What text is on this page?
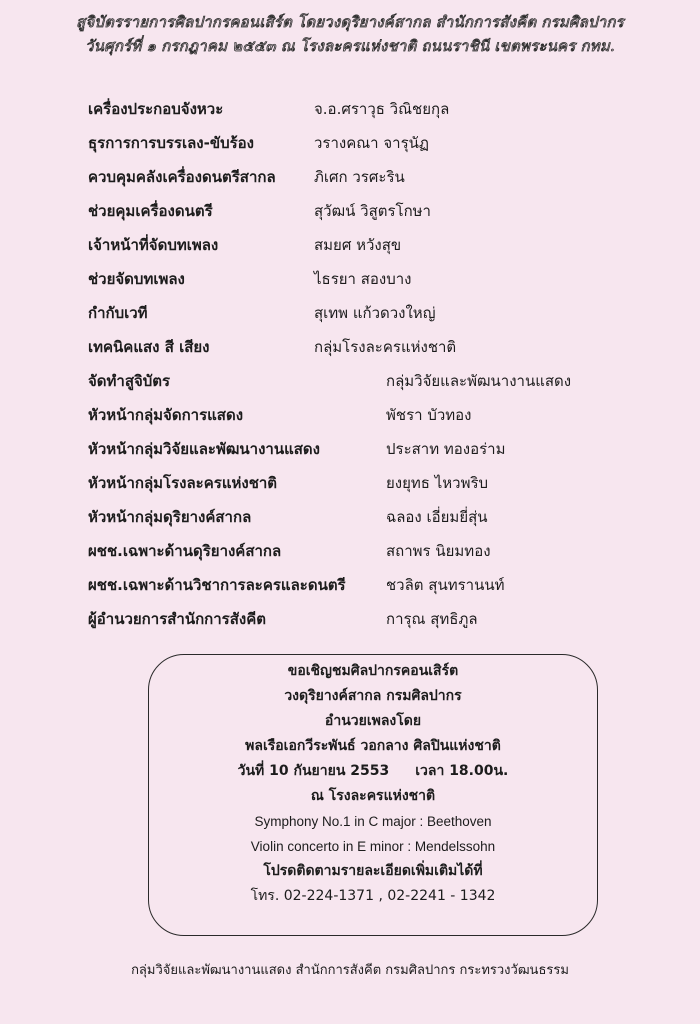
สูจิบัตรรายการศิลปากรคอนเสิร์ต โดยวงดุริยางค์สากล สำนักการสังคีต กรมศิลปากร
วันศุกร์ที่ ๑ กรกฎาคม ๒๕๕๓ ณ โรงละครแห่งชาติ ถนนราชินี เขตพระนคร กทม.
เครื่องประกอบจังหวะ	จ.อ.ศราวุธ วิณิชยกุล
ธุรการการบรรเลง-ขับร้อง	วรางคณา จารุนัฏ
ควบคุมคลังเครื่องดนตรีสากล	ภิเศก วรศะริน
ช่วยคุมเครื่องดนตรี	สุวัฒน์ วิสูตรโกษา
เจ้าหน้าที่จัดบทเพลง	สมยศ หวังสุข
ช่วยจัดบทเพลง	ไธรยา สองบาง
กำกับเวที	สุเทพ แก้วดวงใหญ่
เทคนิคแสง สี เสียง	กลุ่มโรงละครแห่งชาติ
จัดทำสูจิบัตร	กลุ่มวิจัยและพัฒนางานแสดง
หัวหน้ากลุ่มจัดการแสดง	พัชรา บัวทอง
หัวหน้ากลุ่มวิจัยและพัฒนางานแสดง	ประสาท ทองอร่าม
หัวหน้ากลุ่มโรงละครแห่งชาติ	ยงยุทธ ไหวพริบ
หัวหน้ากลุ่มดุริยางค์สากล	ฉลอง เอี่ยมยี่สุ่น
ผชช.เฉพาะด้านดุริยางค์สากล	สถาพร นิยมทอง
ผชช.เฉพาะด้านวิชาการละครและดนตรี	ชวลิต สุนทรานนท์
ผู้อำนวยการสำนักการสังคีต	การุณ สุทธิภูล
ขอเชิญชมศิลปากรคอนเสิร์ต
วงดุริยางค์สากล กรมศิลปากร
อำนวยเพลงโดย
พลเรือเอกวีระพันธ์ วอกลาง ศิลปินแห่งชาติ
วันที่ 10 กันยายน 2553 เวลา 18.00น.
ณ โรงละครแห่งชาติ
Symphony No.1 in C major : Beethoven
Violin concerto in E minor : Mendelssohn
โปรดติดตามรายละเอียดเพิ่มเติมได้ที่
โทร. 02-224-1371 , 02-2241 - 1342
กลุ่มวิจัยและพัฒนางานแสดง สำนักการสังคีต กรมศิลปากร กระทรวงวัฒนธรรม
